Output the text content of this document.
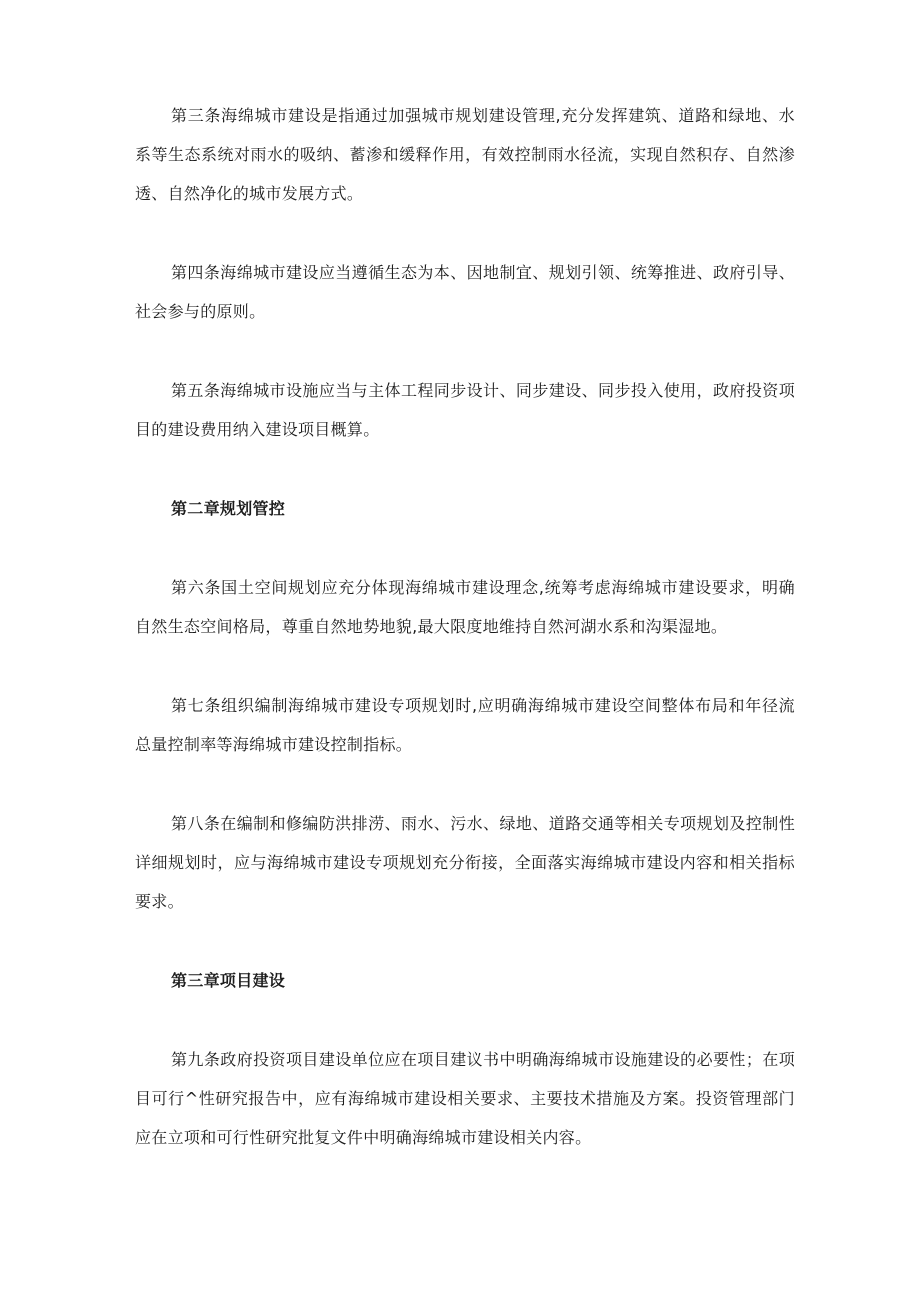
第三条海绵城市建设是指通过加强城市规划建设管理,充分发挥建筑、道路和绿地、水系等生态系统对雨水的吸纳、蓄渗和缓释作用，有效控制雨水径流，实现自然积存、自然渗透、自然净化的城市发展方式。

第四条海绵城市建设应当遵循生态为本、因地制宜、规划引领、统筹推进、政府引导、社会参与的原则。

第五条海绵城市设施应当与主体工程同步设计、同步建设、同步投入使用，政府投资项目的建设费用纳入建设项目概算。

第二章规划管控

第六条国土空间规划应充分体现海绵城市建设理念,统筹考虑海绵城市建设要求，明确自然生态空间格局，尊重自然地势地貌,最大限度地维持自然河湖水系和沟渠湿地。

第七条组织编制海绵城市建设专项规划时,应明确海绵城市建设空间整体布局和年径流总量控制率等海绵城市建设控制指标。

第八条在编制和修编防洪排涝、雨水、污水、绿地、道路交通等相关专项规划及控制性详细规划时，应与海绵城市建设专项规划充分衔接，全面落实海绵城市建设内容和相关指标要求。

第三章项目建设

第九条政府投资项目建设单位应在项目建议书中明确海绵城市设施建设的必要性；在项目可行^性研究报告中，应有海绵城市建设相关要求、主要技术措施及方案。投资管理部门应在立项和可行性研究批复文件中明确海绵城市建设相关内容。
